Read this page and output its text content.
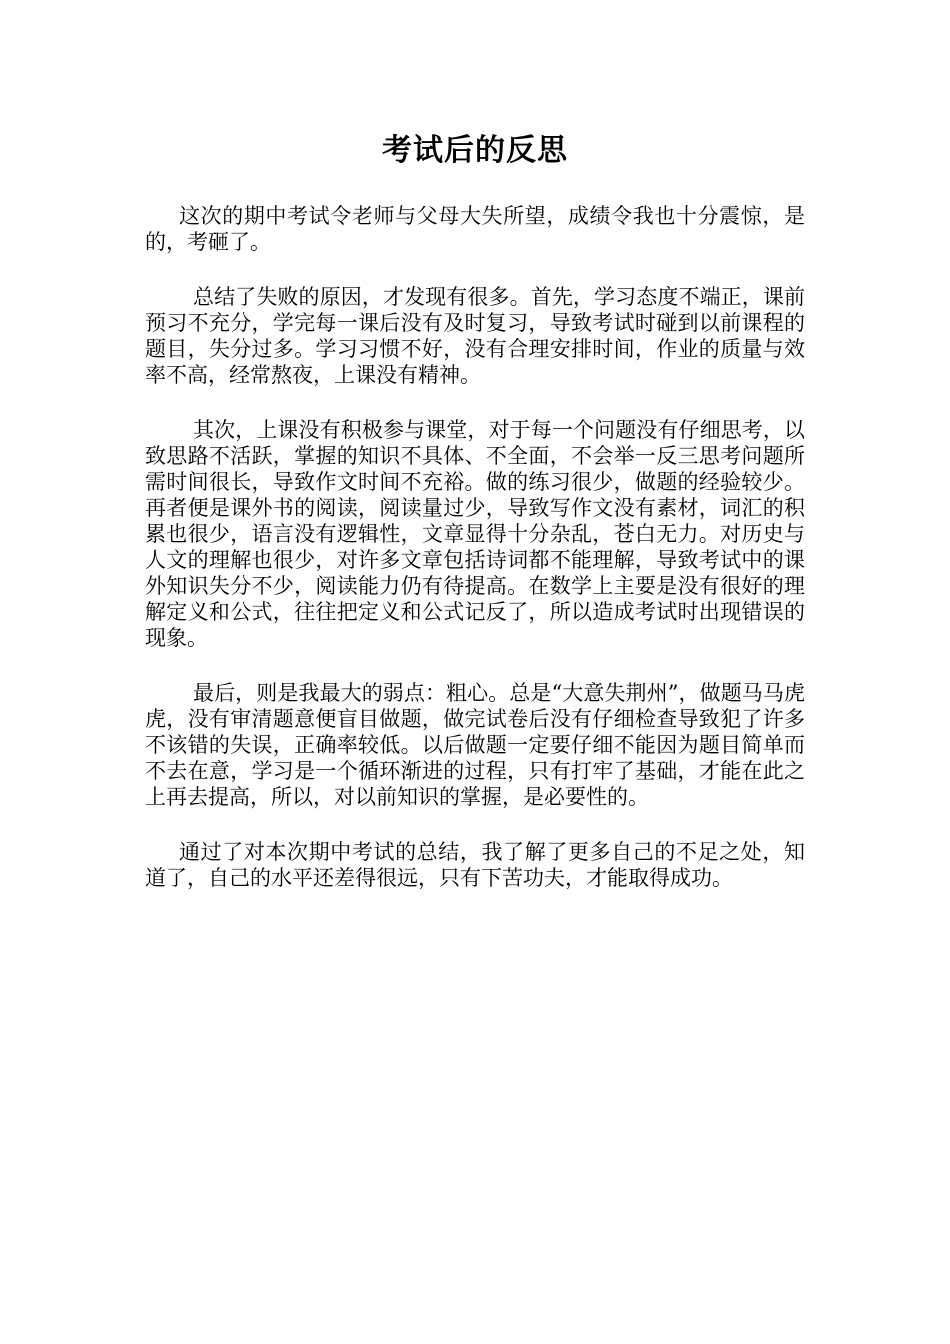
考试后的反思

这次的期中考试令老师与父母大失所望，成绩令我也十分震惊，是的，考砸了。

总结了失败的原因，才发现有很多。首先，学习态度不端正，课前预习不充分，学完每一课后没有及时复习，导致考试时碰到以前课程的题目，失分过多。学习习惯不好，没有合理安排时间，作业的质量与效率不高，经常熬夜，上课没有精神。

其次，上课没有积极参与课堂，对于每一个问题没有仔细思考，以致思路不活跃，掌握的知识不具体、不全面，不会举一反三思考问题所需时间很长，导致作文时间不充裕。做的练习很少，做题的经验较少。再者便是课外书的阅读，阅读量过少，导致写作文没有素材，词汇的积累也很少，语言没有逻辑性，文章显得十分杂乱，苍白无力。对历史与人文的理解也很少，对许多文章包括诗词都不能理解，导致考试中的课外知识失分不少，阅读能力仍有待提高。在数学上主要是没有很好的理解定义和公式，往往把定义和公式记反了，所以造成考试时出现错误的现象。

最后，则是我最大的弱点：粗心。总是“大意失荆州”，做题马马虎虎，没有审清题意便盲目做题，做完试卷后没有仔细检查导致犯了许多不该错的失误，正确率较低。以后做题一定要仔细不能因为题目简单而不去在意，学习是一个循环渐进的过程，只有打牢了基础，才能在此之上再去提高，所以，对以前知识的掌握，是必要性的。

通过了对本次期中考试的总结，我了解了更多自己的不足之处，知道了，自己的水平还差得很远，只有下苦功夫，才能取得成功。
